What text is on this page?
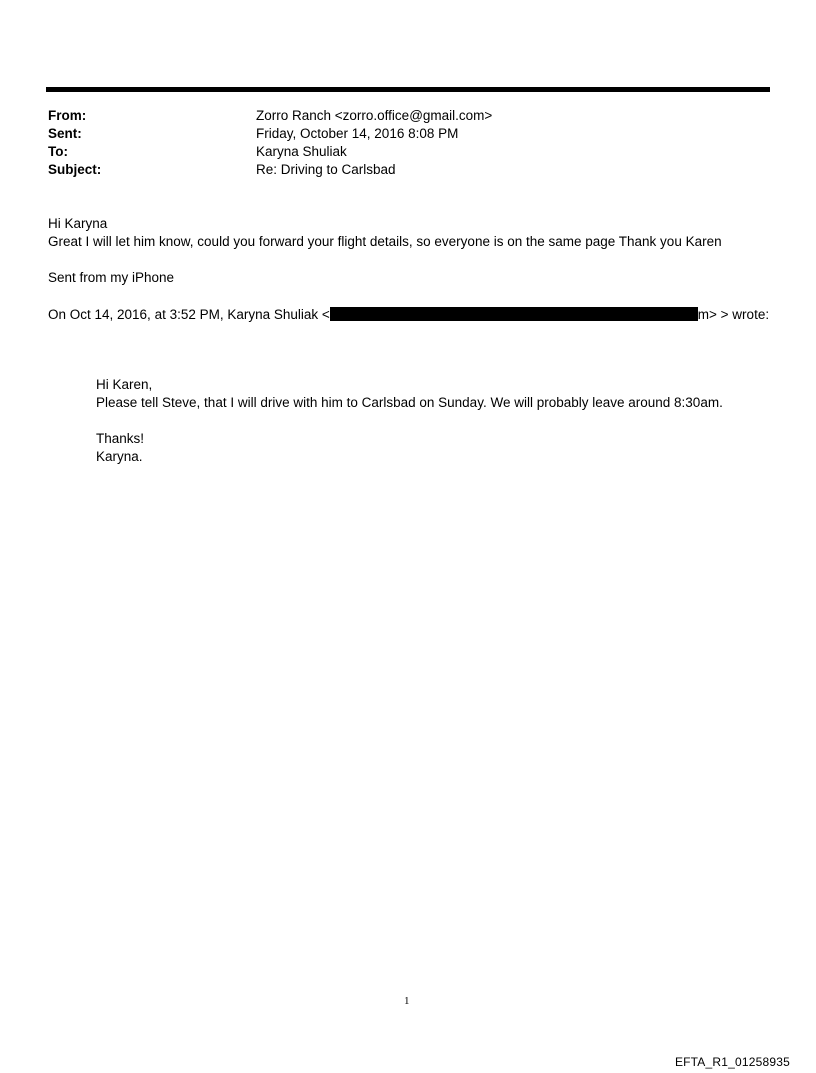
From:	Zorro Ranch <zorro.office@gmail.com>
Sent:	Friday, October 14, 2016 8:08 PM
To:	Karyna Shuliak
Subject:	Re: Driving to Carlsbad
Hi Karyna
Great I will let him know, could you forward your flight details, so everyone is on the same page Thank you Karen
Sent from my iPhone
On Oct 14, 2016, at 3:52 PM, Karyna Shuliak <	m> > wrote:
Hi Karen,
Please tell Steve, that I will drive with him to Carlsbad on Sunday. We will probably leave around 8:30am.
Thanks!
Karyna.
1
EFTA_R1_01258935
